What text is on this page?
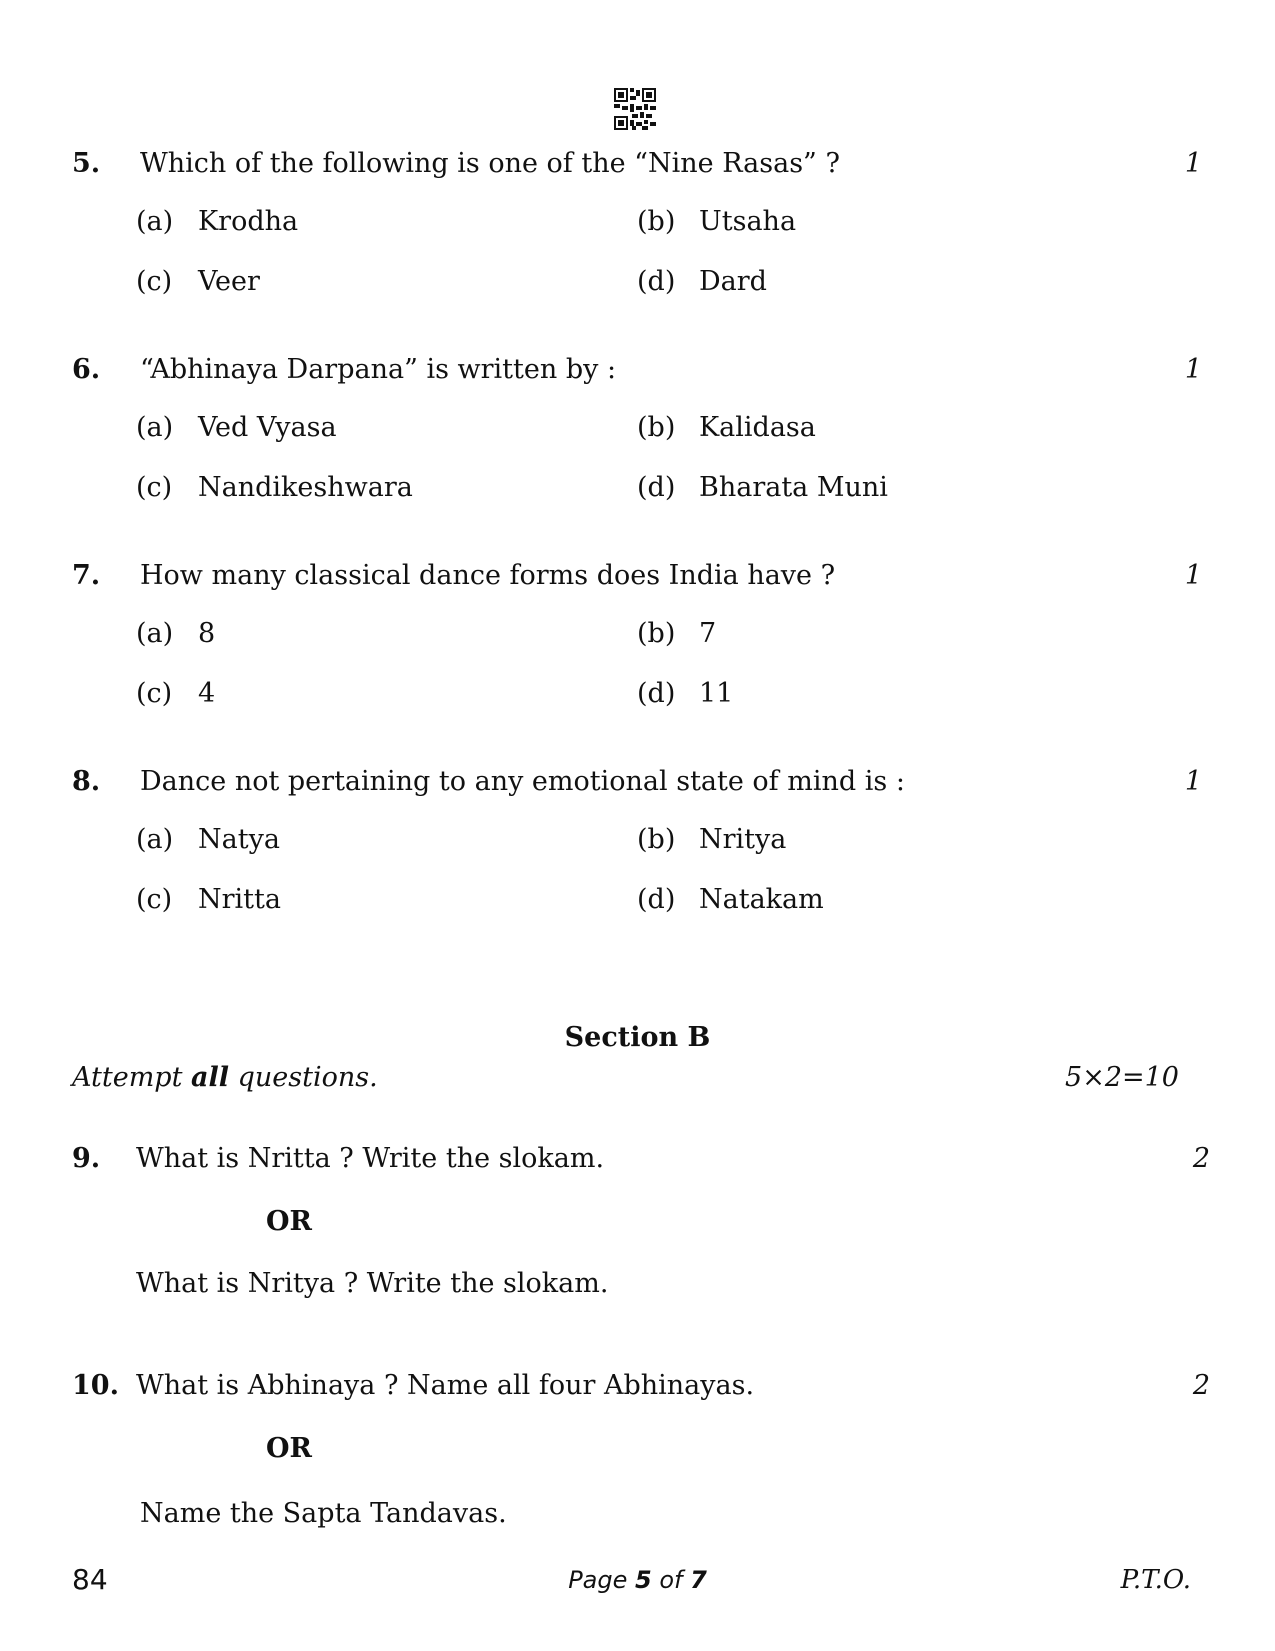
5. Which of the following is one of the “Nine Rasas” ?	1
(a) Krodha	(b) Utsaha
(c) Veer	(d) Dard
6. “Abhinaya Darpana” is written by :	1
(a) Ved Vyasa	(b) Kalidasa
(c) Nandikeshwara	(d) Bharata Muni
7. How many classical dance forms does India have ?	1
(a) 8	(b) 7
(c) 4	(d) 11
8. Dance not pertaining to any emotional state of mind is :	1
(a) Natya	(b) Nritya
(c) Nritta	(d) Natakam
Section B
Attempt all questions.	5×2=10
9. What is Nritta ? Write the slokam.	2
OR
What is Nritya ? Write the slokam.
10. What is Abhinaya ? Name all four Abhinayas.	2
OR
Name the Sapta Tandavas.
84	Page 5 of 7	P.T.O.
